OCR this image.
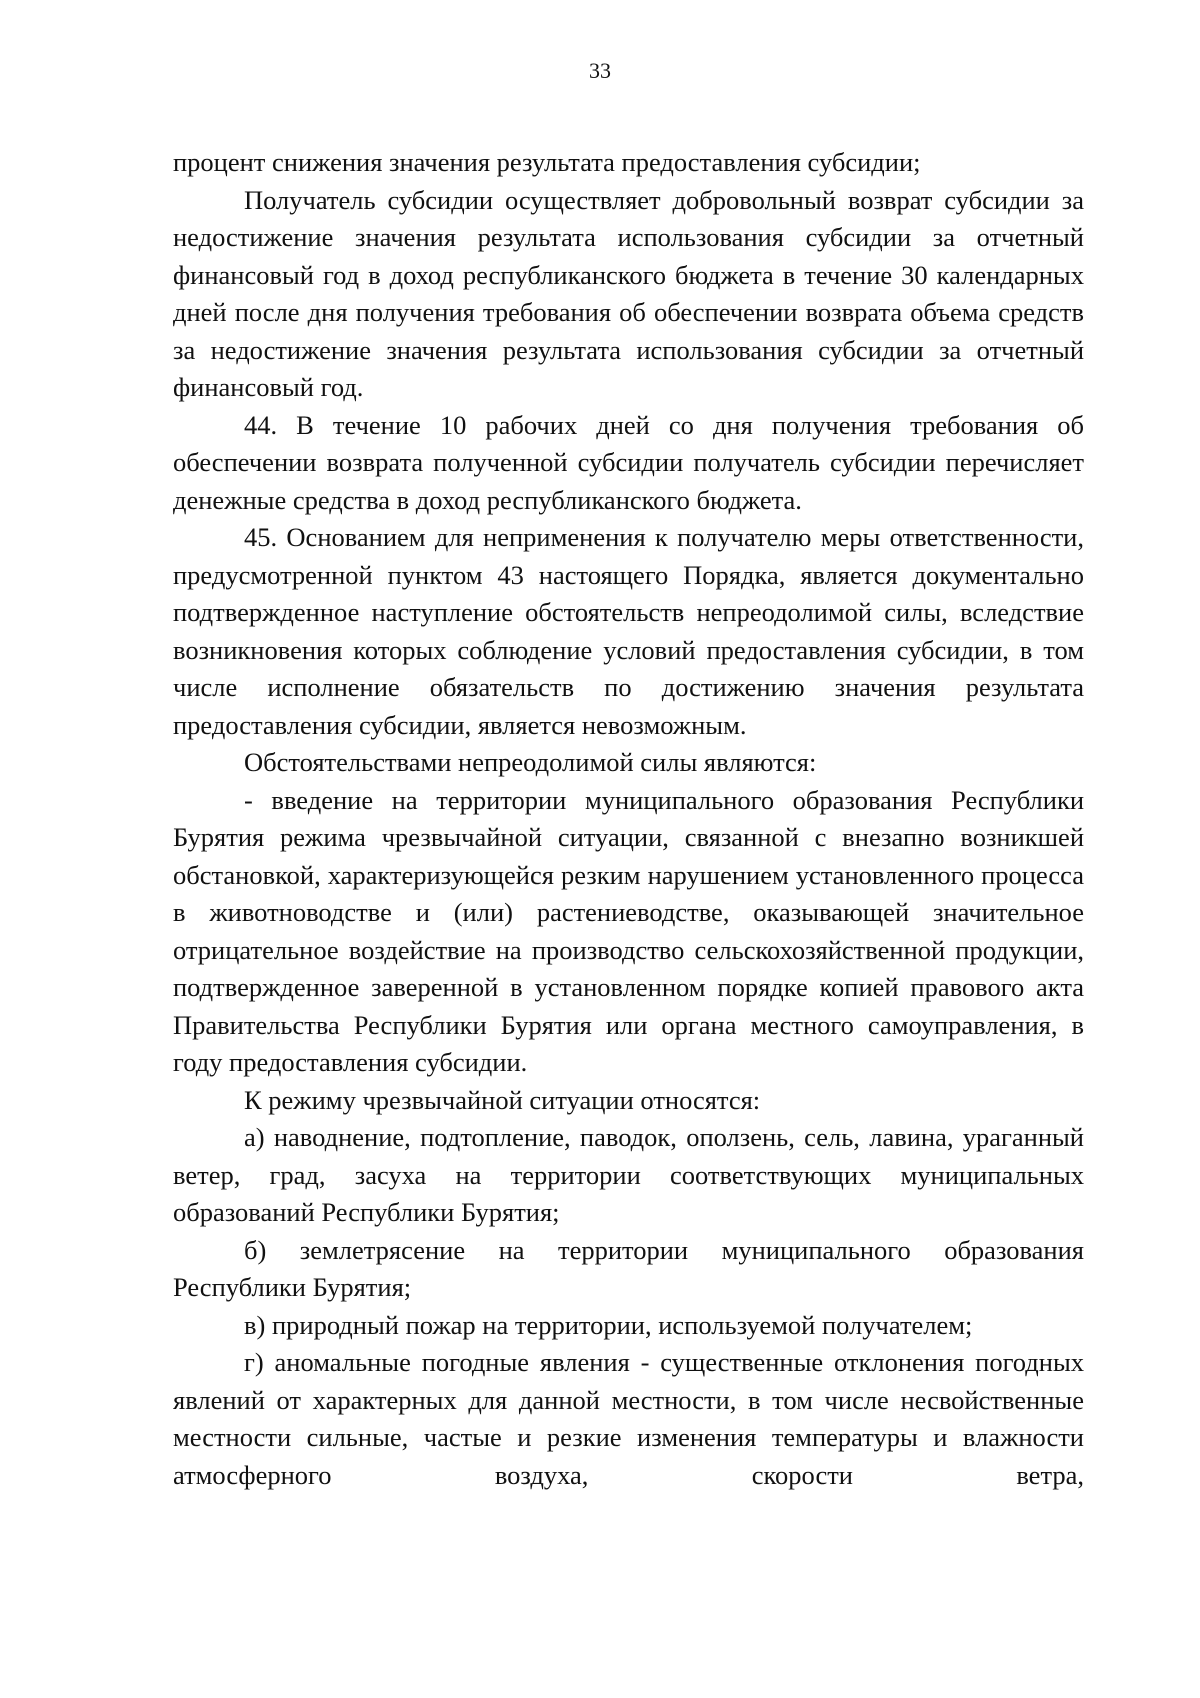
33

процент снижения значения результата предоставления субсидии;

Получатель субсидии осуществляет добровольный возврат субсидии за недостижение значения результата использования субсидии за отчетный финансовый год в доход республиканского бюджета в течение 30 календарных дней после дня получения требования об обеспечении возврата объема средств за недостижение значения результата использования субсидии за отчетный финансовый год.

44. В течение 10 рабочих дней со дня получения требования об обеспечении возврата полученной субсидии получатель субсидии перечисляет денежные средства в доход республиканского бюджета.

45. Основанием для неприменения к получателю меры ответственности, предусмотренной пунктом 43 настоящего Порядка, является документально подтвержденное наступление обстоятельств непреодолимой силы, вследствие возникновения которых соблюдение условий предоставления субсидии, в том числе исполнение обязательств по достижению значения результата предоставления субсидии, является невозможным.

Обстоятельствами непреодолимой силы являются:

- введение на территории муниципального образования Республики Бурятия режима чрезвычайной ситуации, связанной с внезапно возникшей обстановкой, характеризующейся резким нарушением установленного процесса в животноводстве и (или) растениеводстве, оказывающей значительное отрицательное воздействие на производство сельскохозяйственной продукции, подтвержденное заверенной в установленном порядке копией правового акта Правительства Республики Бурятия или органа местного самоуправления, в году предоставления субсидии.

К режиму чрезвычайной ситуации относятся:

а) наводнение, подтопление, паводок, оползень, сель, лавина, ураганный ветер, град, засуха на территории соответствующих муниципальных образований Республики Бурятия;

б) землетрясение на территории муниципального образования Республики Бурятия;

в) природный пожар на территории, используемой получателем;

г) аномальные погодные явления - существенные отклонения погодных явлений от характерных для данной местности, в том числе несвойственные местности сильные, частые и резкие изменения температуры и влажности атмосферного воздуха, скорости ветра,
